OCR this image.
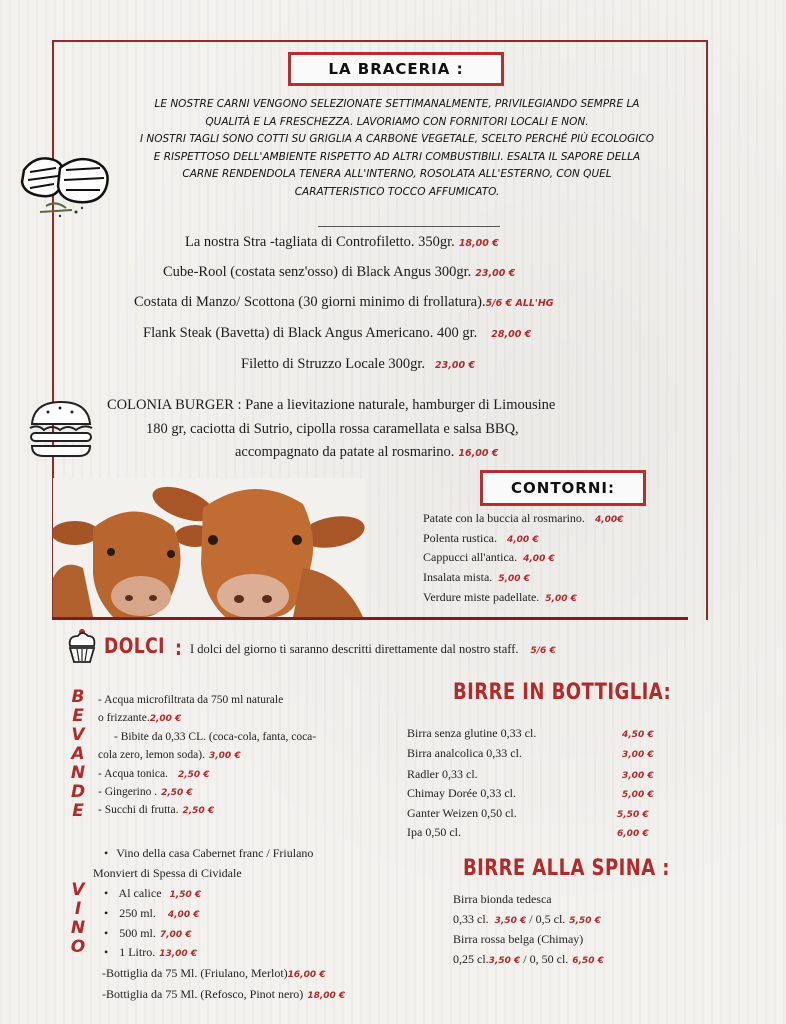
LA BRACERIA :
LE NOSTRE CARNI VENGONO SELEZIONATE SETTIMANALMENTE, PRIVILEGIANDO SEMPRE LA
QUALITÀ E LA FRESCHEZZA. LAVORIAMO CON FORNITORI LOCALI E NON.
I NOSTRI TAGLI SONO COTTI SU GRIGLIA A CARBONE VEGETALE, SCELTO PERCHÉ PIÙ ECOLOGICO
E RISPETTOSO DELL'AMBIENTE RISPETTO AD ALTRI COMBUSTIBILI. ESALTA IL SAPORE DELLA
CARNE RENDENDOLA TENERA ALL'INTERNO, ROSOLATA ALL'ESTERNO, CON QUEL
CARATTERISTICO TOCCO AFFUMICATO.
La nostra Stra -tagliata di Controfiletto. 350gr. 18,00 €
Cube-Rool (costata senz'osso) di Black Angus 300gr. 23,00 €
Costata di Manzo/ Scottona (30 giorni minimo di frollatura).5/6 € ALL'HG
Flank Steak (Bavetta) di Black Angus Americano. 400 gr. 28,00 €
Filetto di Struzzo Locale 300gr. 23,00 €
COLONIA BURGER : Pane a lievitazione naturale, hamburger di Limousine
180 gr, caciotta di Sutrio, cipolla rossa caramellata e salsa BBQ,
accompagnato da patate al rosmarino. 16,00 €
CONTORNI:
Patate con la buccia al rosmarino. 4,00€
Polenta rustica. 4,00 €
Cappucci all'antica. 4,00 €
Insalata mista. 5,00 €
Verdure miste padellate. 5,00 €
DOLCI : I dolci del giorno ti saranno descritti direttamente dal nostro staff. 5/6 €
B
E
V
A
N
D
E
- Acqua microfiltrata da 750 ml naturale
o frizzante.2,00 €
- Bibite da 0,33 CL. (coca-cola, fanta, coca-
cola zero, lemon soda). 3,00 €
- Acqua tonica. 2,50 €
- Gingerino . 2,50 €
- Succhi di frutta. 2,50 €
V
I
N
O
• Vino della casa Cabernet franc / Friulano
Monviert di Spessa di Cividale
• Al calice 1,50 €
• 250 ml. 4,00 €
• 500 ml. 7,00 €
• 1 Litro. 13,00 €
-Bottiglia da 75 Ml. (Friulano, Merlot)16,00 €
-Bottiglia da 75 Ml. (Refosco, Pinot nero) 18,00 €
BIRRE IN BOTTIGLIA:
Birra senza glutine 0,33 cl.	4,50 €
Birra analcolica 0,33 cl.	3,00 €
Radler 0,33 cl.	3,00 €
Chimay Dorée 0,33 cl.	5,00 €
Ganter Weizen 0,50 cl.	5,50 €
Ipa 0,50 cl.	6,00 €
BIRRE ALLA SPINA :
Birra bionda tedesca
0,33 cl. 3,50 € / 0,5 cl. 5,50 €
Birra rossa belga (Chimay)
0,25 cl.3,50 € / 0, 50 cl. 6,50 €
